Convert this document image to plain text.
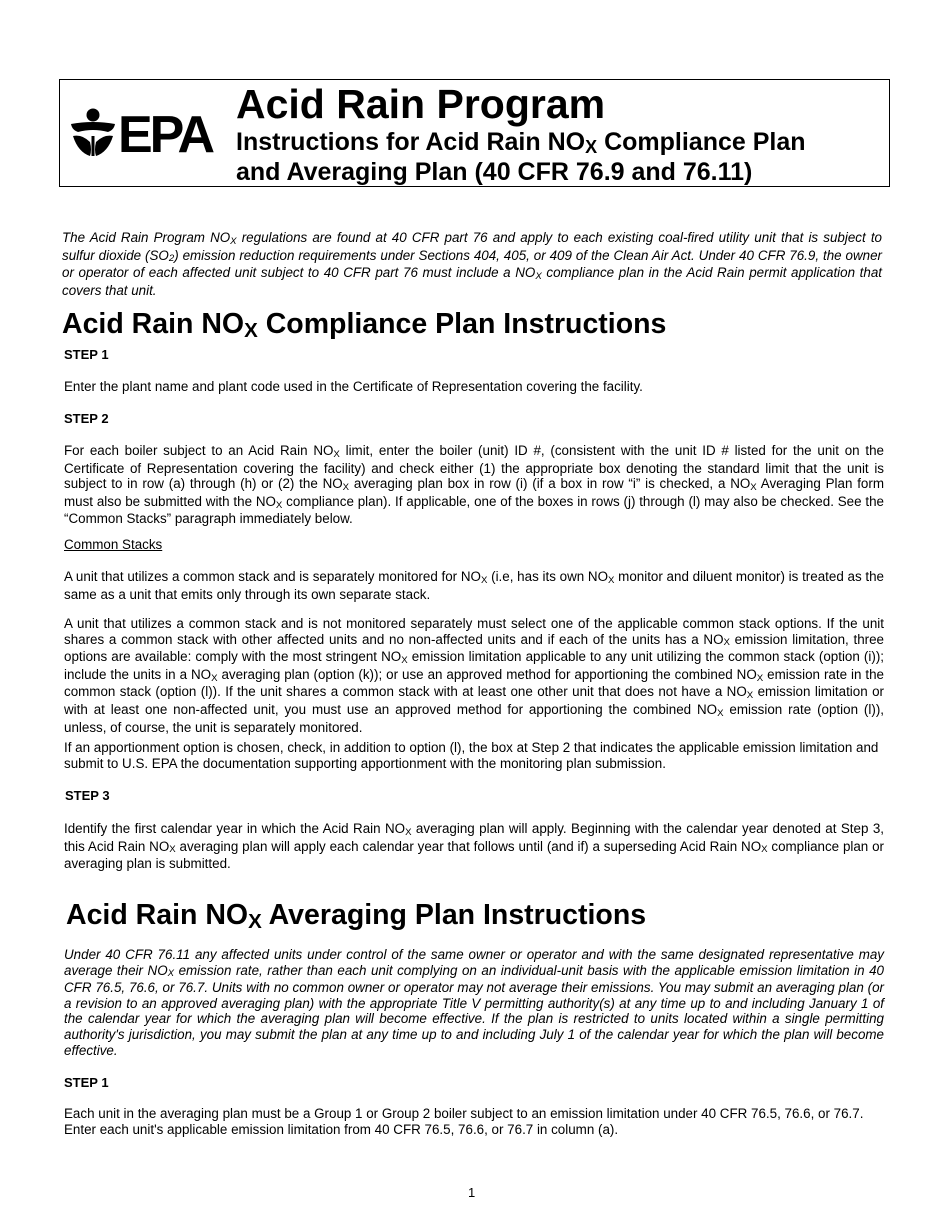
EPA
Acid Rain Program
Instructions for Acid Rain $NO_X$ Compliance Plan
and Averaging Plan (40 CFR 76.9 and 76.11)
The Acid Rain Program $NO_X$ regulations are found at 40 CFR part 76 and apply to each existing coal-fired utility unit that is subject to sulfur dioxide $(SO_2)$ emission reduction requirements under Sections 404, 405, or 409 of the Clean Air Act. Under 40 CFR 76.9, the owner or operator of each affected unit subject to 40 CFR part 76 must include a $NO_X$ compliance plan in the Acid Rain permit application that covers that unit.
Acid Rain $NO_X$ Compliance Plan Instructions
STEP 1
Enter the plant name and plant code used in the Certificate of Representation covering the facility.
STEP 2
For each boiler subject to an Acid Rain $NO_X$ limit, enter the boiler (unit) ID #, (consistent with the unit ID # listed for the unit on the Certificate of Representation covering the facility) and check either (1) the appropriate box denoting the standard limit that the unit is subject to in row (a) through (h) or (2) the $NO_X$ averaging plan box in row (i) (if a box in row “i” is checked, a $NO_X$ Averaging Plan form must also be submitted with the $NO_X$ compliance plan). If applicable, one of the boxes in rows (j) through (l) may also be checked. See the “Common Stacks” paragraph immediately below.
Common Stacks
A unit that utilizes a common stack and is separately monitored for $NO_X$ (i.e, has its own $NO_X$ monitor and diluent monitor) is treated as the same as a unit that emits only through its own separate stack.
A unit that utilizes a common stack and is not monitored separately must select one of the applicable common stack options. If the unit shares a common stack with other affected units and no non-affected units and if each of the units has a $NO_X$ emission limitation, three options are available: comply with the most stringent $NO_X$ emission limitation applicable to any unit utilizing the common stack (option (i)); include the units in a $NO_X$ averaging plan (option (k)); or use an approved method for apportioning the combined $NO_X$ emission rate in the common stack (option (l)). If the unit shares a common stack with at least one other unit that does not have a $NO_X$ emission limitation or with at least one non-affected unit, you must use an approved method for apportioning the combined $NO_X$ emission rate (option (l)), unless, of course, the unit is separately monitored.
If an apportionment option is chosen, check, in addition to option (l), the box at Step 2 that indicates the applicable emission limitation and submit to U.S. EPA the documentation supporting apportionment with the monitoring plan submission.
STEP 3
Identify the first calendar year in which the Acid Rain $NO_X$ averaging plan will apply. Beginning with the calendar year denoted at Step 3, this Acid Rain $NO_X$ averaging plan will apply each calendar year that follows until (and if) a superseding Acid Rain $NO_X$ compliance plan or averaging plan is submitted.
Acid Rain $NO_X$ Averaging Plan Instructions
Under 40 CFR 76.11 any affected units under control of the same owner or operator and with the same designated representative may average their $NO_X$ emission rate, rather than each unit complying on an individual-unit basis with the applicable emission limitation in 40 CFR 76.5, 76.6, or 76.7. Units with no common owner or operator may not average their emissions. You may submit an averaging plan (or a revision to an approved averaging plan) with the appropriate Title V permitting authority(s) at any time up to and including January 1 of the calendar year for which the averaging plan will become effective. If the plan is restricted to units located within a single permitting authority's jurisdiction, you may submit the plan at any time up to and including July 1 of the calendar year for which the plan will become effective.
STEP 1
Each unit in the averaging plan must be a Group 1 or Group 2 boiler subject to an emission limitation under 40 CFR 76.5, 76.6, or 76.7. Enter each unit's applicable emission limitation from 40 CFR 76.5, 76.6, or 76.7 in column (a).
1
